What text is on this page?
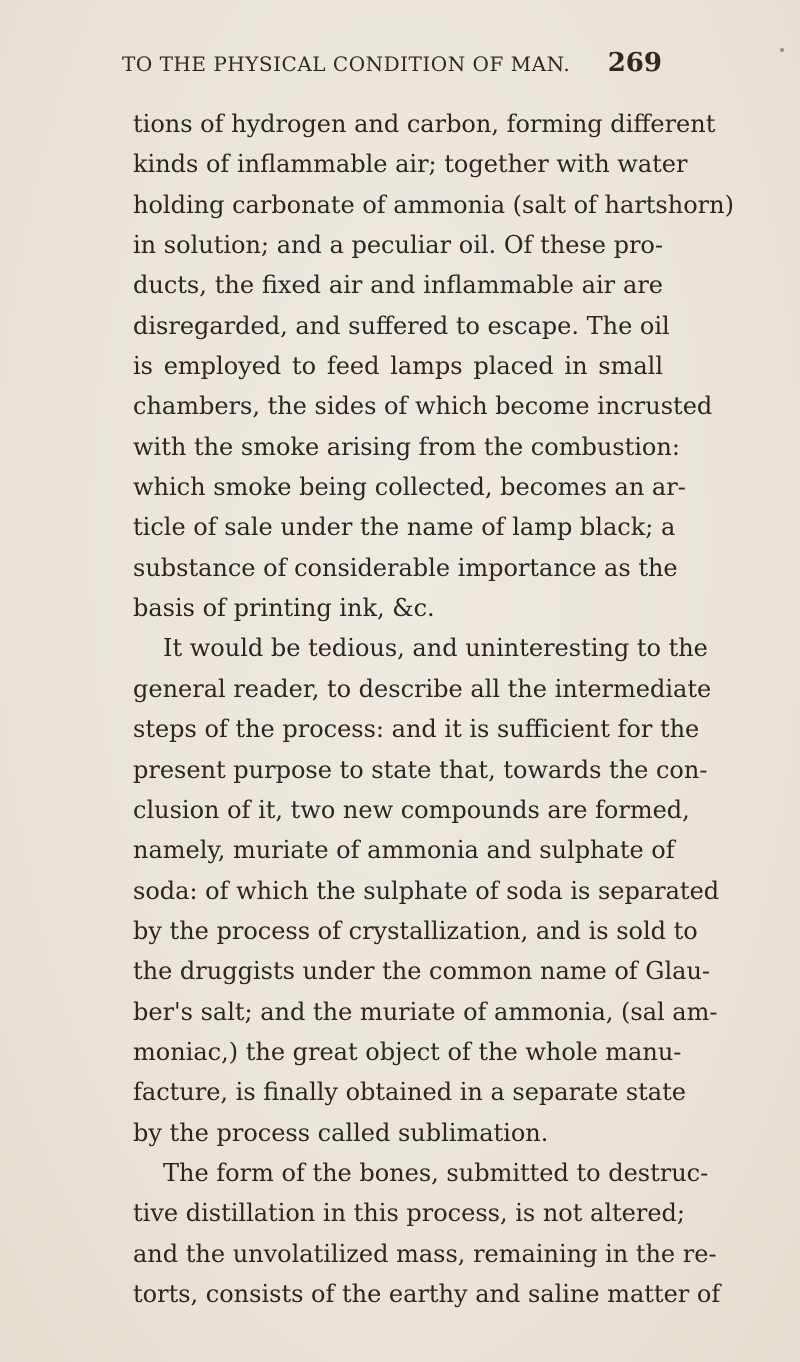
TO THE PHYSICAL CONDITION OF MAN. 269
tions of hydrogen and carbon, forming different
kinds of inflammable air; together with water
holding carbonate of ammonia (salt of hartshorn)
in solution; and a peculiar oil. Of these pro-
ducts, the fixed air and inflammable air are
disregarded, and suffered to escape. The oil
is employed to feed lamps placed in small
chambers, the sides of which become incrusted
with the smoke arising from the combustion:
which smoke being collected, becomes an ar-
ticle of sale under the name of lamp black; a
substance of considerable importance as the
basis of printing ink, &c.
It would be tedious, and uninteresting to the
general reader, to describe all the intermediate
steps of the process: and it is sufficient for the
present purpose to state that, towards the con-
clusion of it, two new compounds are formed,
namely, muriate of ammonia and sulphate of
soda: of which the sulphate of soda is separated
by the process of crystallization, and is sold to
the druggists under the common name of Glau-
ber's salt; and the muriate of ammonia, (sal am-
moniac,) the great object of the whole manu-
facture, is finally obtained in a separate state
by the process called sublimation.
The form of the bones, submitted to destruc-
tive distillation in this process, is not altered;
and the unvolatilized mass, remaining in the re-
torts, consists of the earthy and saline matter of
